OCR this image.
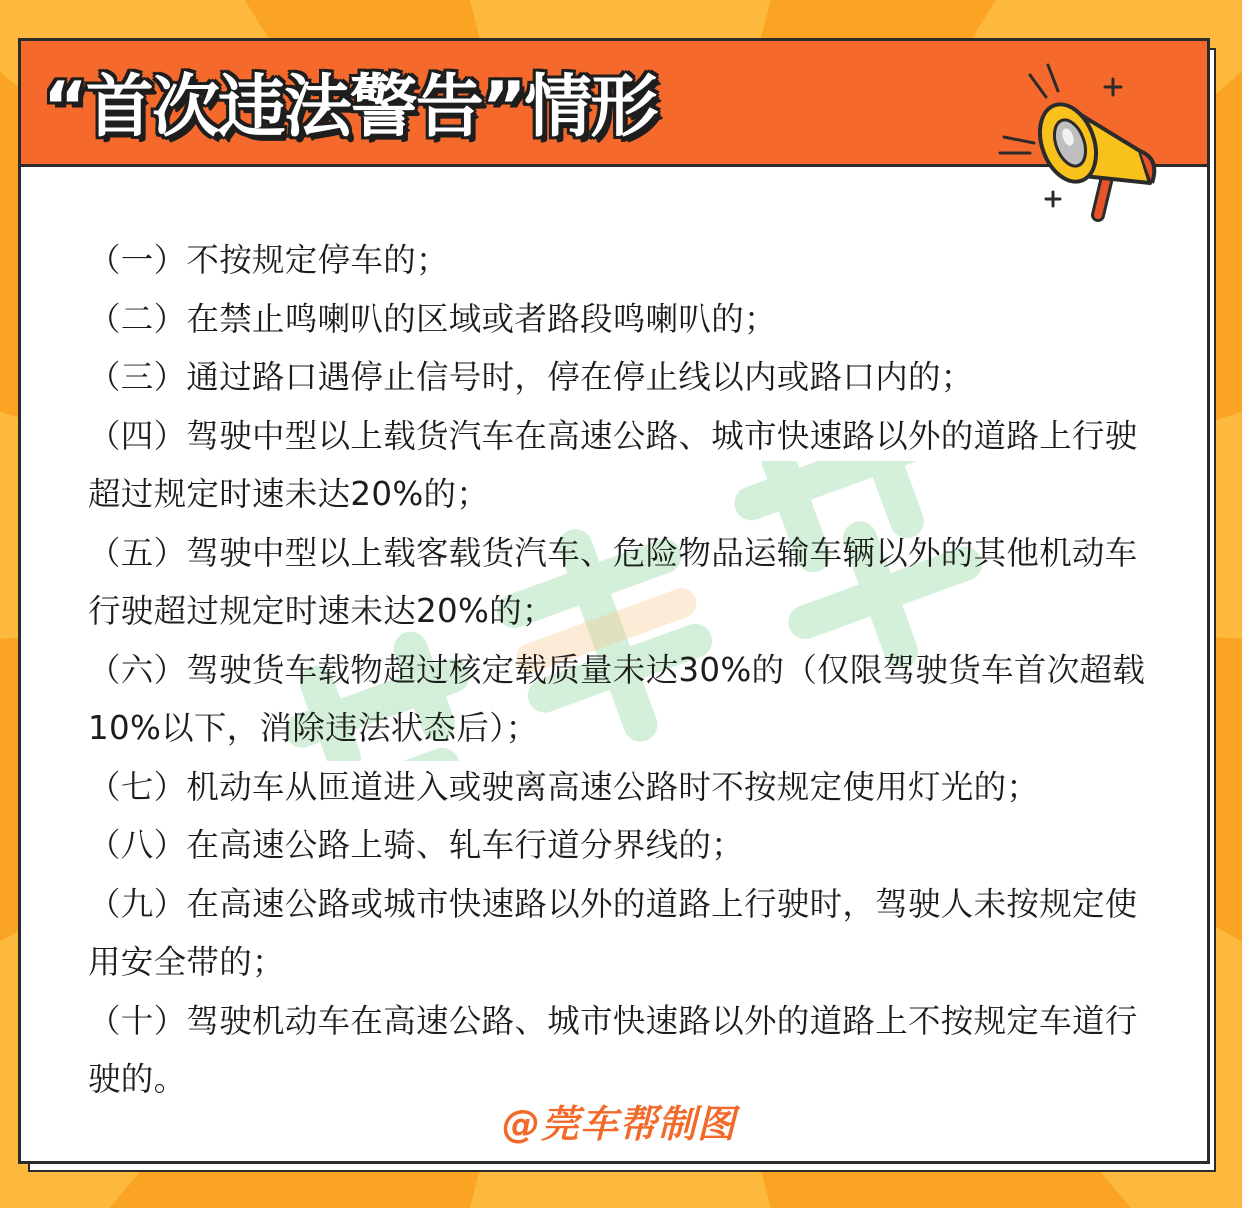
“首次违法警告”情形
（一）不按规定停车的；
（二）在禁止鸣喇叭的区域或者路段鸣喇叭的；
（三）通过路口遇停止信号时，停在停止线以内或路口内的；
（四）驾驶中型以上载货汽车在高速公路、城市快速路以外的道路上行驶超过规定时速未达20%的；
（五）驾驶中型以上载客载货汽车、危险物品运输车辆以外的其他机动车行驶超过规定时速未达20%的；
（六）驾驶货车载物超过核定载质量未达30%的（仅限驾驶货车首次超载10%以下，消除违法状态后）；
（七）机动车从匝道进入或驶离高速公路时不按规定使用灯光的；
（八）在高速公路上骑、轧车行道分界线的；
（九）在高速公路或城市快速路以外的道路上行驶时，驾驶人未按规定使用安全带的；
（十）驾驶机动车在高速公路、城市快速路以外的道路上不按规定车道行驶的。

@莞车帮制图
